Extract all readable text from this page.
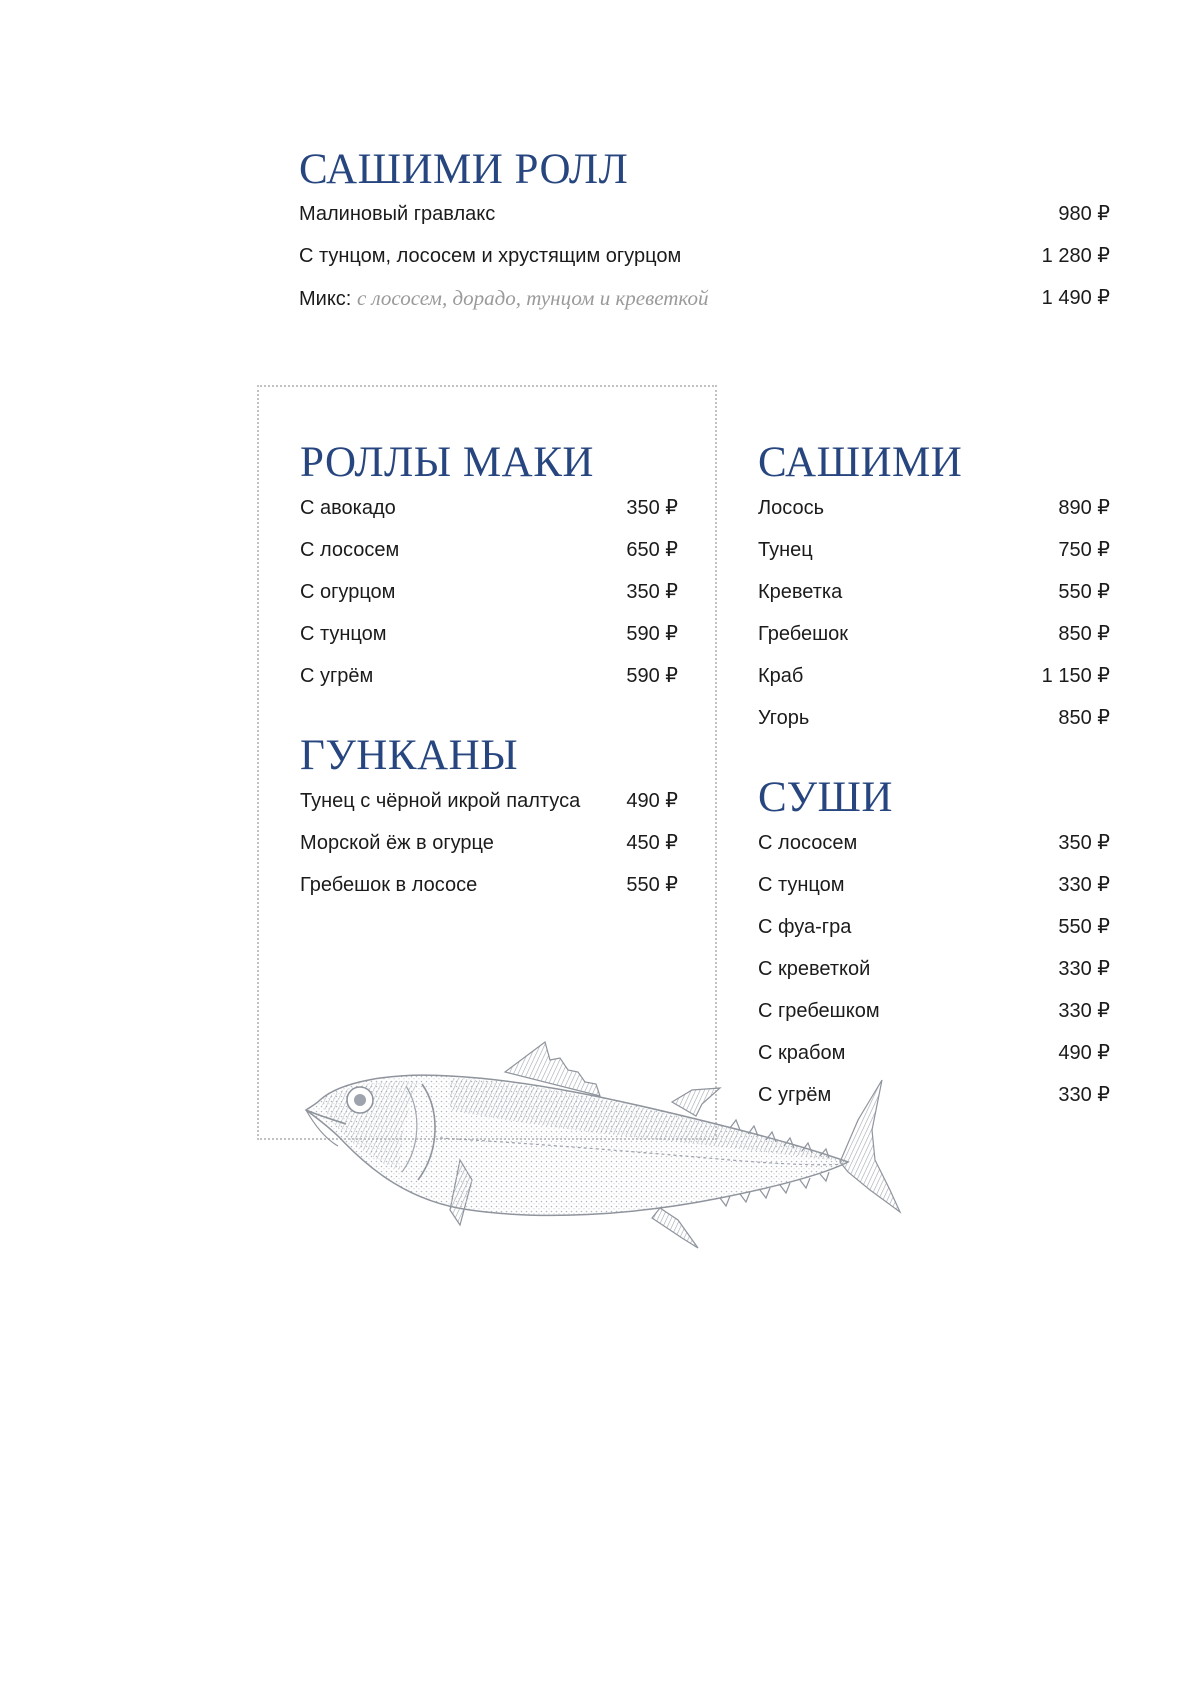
САШИМИ РОЛЛ
Малиновый гравлакс	980 ₽
С тунцом, лососем и хрустящим огурцом	1 280 ₽
Микс: с лососем, дорадо, тунцом и креветкой	1 490 ₽
РОЛЛЫ МАКИ
С авокадо	350 ₽
С лососем	650 ₽
С огурцом	350 ₽
С тунцом	590 ₽
С угрём	590 ₽
ГУНКАНЫ
Тунец с чёрной икрой палтуса 490 ₽
Морской ёж в огурце	450 ₽
Гребешок в лососе	550 ₽
САШИМИ
Лосось	890 ₽
Тунец	750 ₽
Креветка	550 ₽
Гребешок	850 ₽
Краб	1 150 ₽
Угорь	850 ₽
СУШИ
С лососем	350 ₽
С тунцом	330 ₽
С фуа-гра	550 ₽
С креветкой	330 ₽
С гребешком	330 ₽
С крабом	490 ₽
С угрём	330 ₽
